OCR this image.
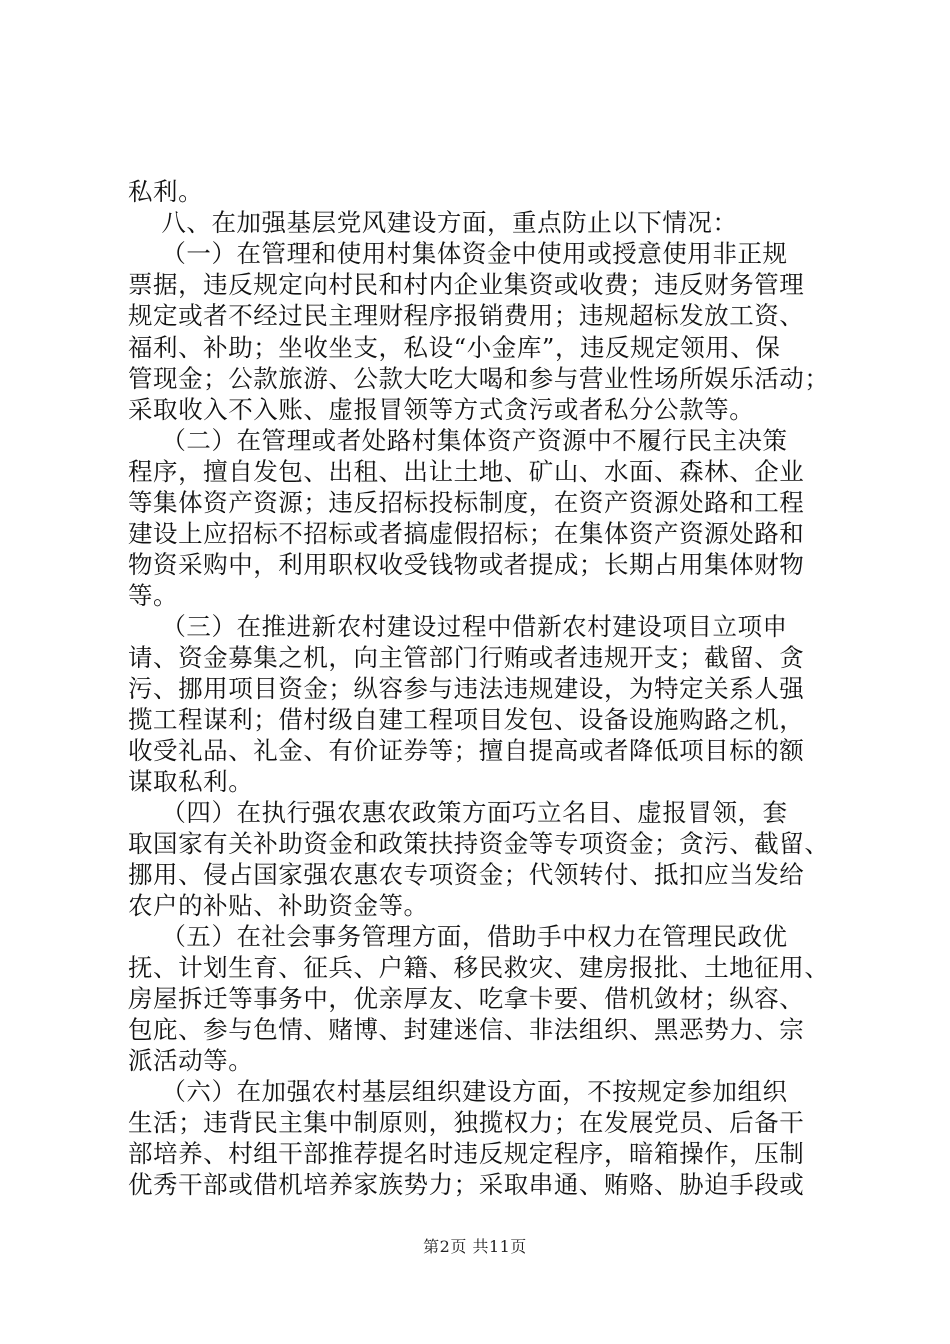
私利。
八、在加强基层党风建设方面，重点防止以下情况：
（一）在管理和使用村集体资金中使用或授意使用非正规
票据，违反规定向村民和村内企业集资或收费；违反财务管理
规定或者不经过民主理财程序报销费用；违规超标发放工资、
福利、补助；坐收坐支，私设“小金库”，违反规定领用、保
管现金；公款旅游、公款大吃大喝和参与营业性场所娱乐活动；
采取收入不入账、虚报冒领等方式贪污或者私分公款等。
（二）在管理或者处路村集体资产资源中不履行民主决策
程序，擅自发包、出租、出让土地、矿山、水面、森林、企业
等集体资产资源；违反招标投标制度，在资产资源处路和工程
建设上应招标不招标或者搞虚假招标；在集体资产资源处路和
物资采购中，利用职权收受钱物或者提成；长期占用集体财物
等。
（三）在推进新农村建设过程中借新农村建设项目立项申
请、资金募集之机，向主管部门行贿或者违规开支；截留、贪
污、挪用项目资金；纵容参与违法违规建设，为特定关系人强
揽工程谋利；借村级自建工程项目发包、设备设施购路之机，
收受礼品、礼金、有价证券等；擅自提高或者降低项目标的额
谋取私利。
（四）在执行强农惠农政策方面巧立名目、虚报冒领，套
取国家有关补助资金和政策扶持资金等专项资金；贪污、截留、
挪用、侵占国家强农惠农专项资金；代领转付、抵扣应当发给
农户的补贴、补助资金等。
（五）在社会事务管理方面，借助手中权力在管理民政优
抚、计划生育、征兵、户籍、移民救灾、建房报批、土地征用、
房屋拆迁等事务中，优亲厚友、吃拿卡要、借机敛材；纵容、
包庇、参与色情、赌博、封建迷信、非法组织、黑恶势力、宗
派活动等。
（六）在加强农村基层组织建设方面，不按规定参加组织
生活；违背民主集中制原则，独揽权力；在发展党员、后备干
部培养、村组干部推荐提名时违反规定程序，暗箱操作，压制
优秀干部或借机培养家族势力；采取串通、贿赂、胁迫手段或
第2页 共11页
